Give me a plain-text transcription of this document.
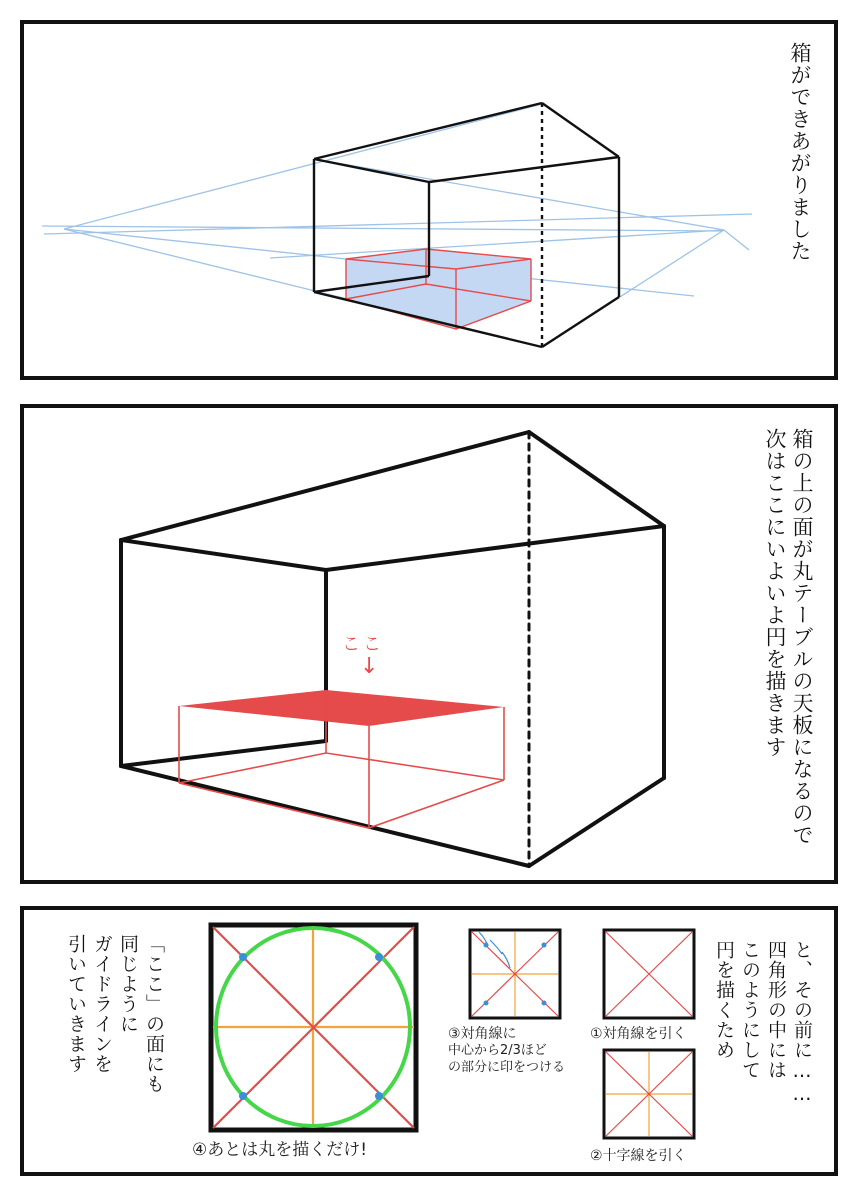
箱ができあがりました
ここ
↓	箱の上の面が丸テーブルの天板になるので
次はここにいよいよ円を描きます
「ここ」の面にも
同じように
ガイドラインを
引いていきます	と、その前に……
四角形の中には
このようにして
円を描くため
③対角線に
中心から2/3ほど
の部分に印をつける
①対角線を引く
②十字線を引く
④あとは丸を描くだけ!
